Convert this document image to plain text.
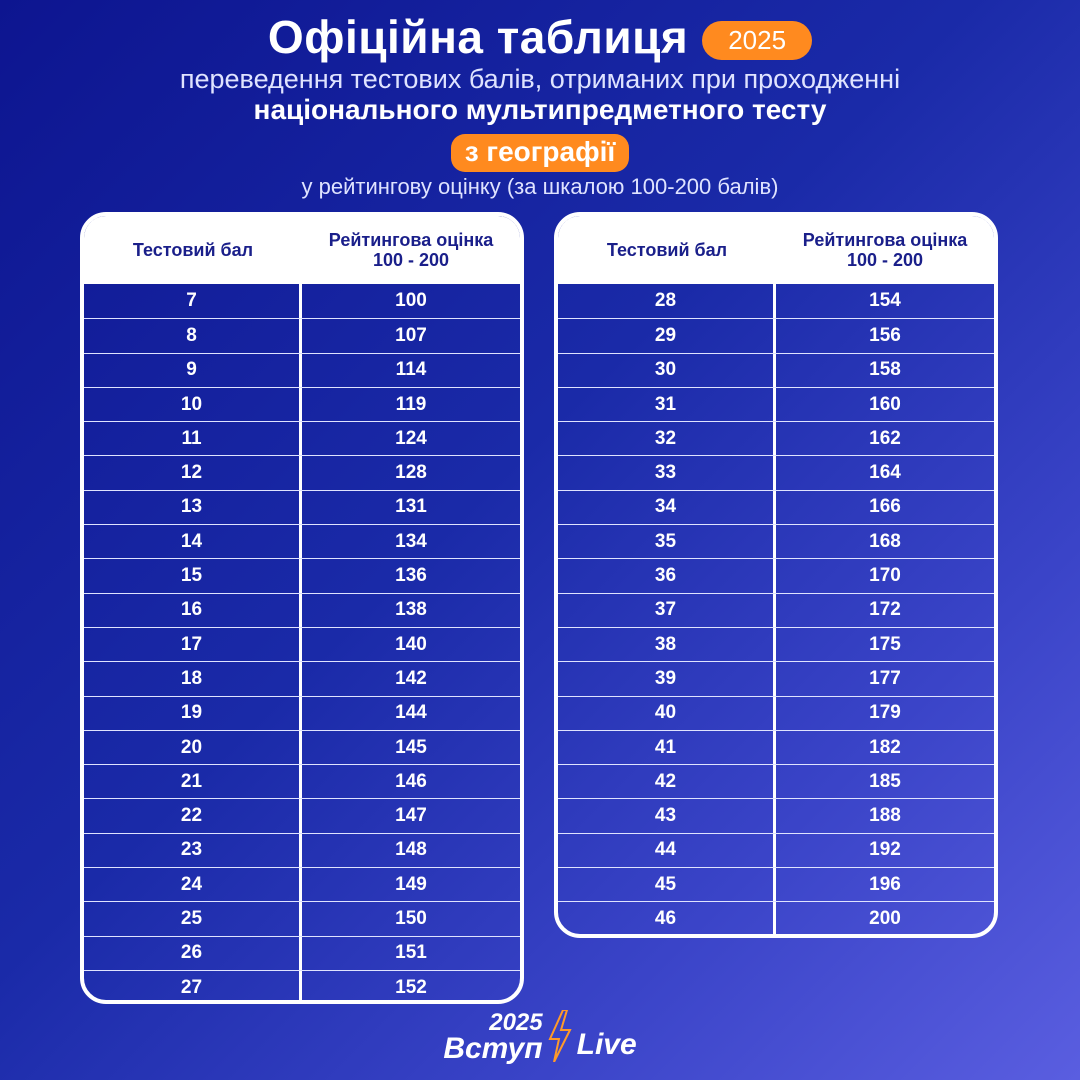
Офіційна таблиця	2025
переведення тестових балів, отриманих при проходженні
національного мультипредметного тесту
з географії
у рейтингову оцінку (за шкалою 100-200 балів)
Тестовий бал	Рейтингова оцінка
100 - 200
7	100
8	107
9	114
10	119
11	124
12	128
13	131
14	134
15	136
16	138
17	140
18	142
19	144
20	145
21	146
22	147
23	148
24	149
25	150
26	151
27	152
Тестовий бал	Рейтингова оцінка
100 - 200
28	154
29	156
30	158
31	160
32	162
33	164
34	166
35	168
36	170
37	172
38	175
39	177
40	179
41	182
42	185
43	188
44	192
45	196
46	200
2025
Вступ Live
